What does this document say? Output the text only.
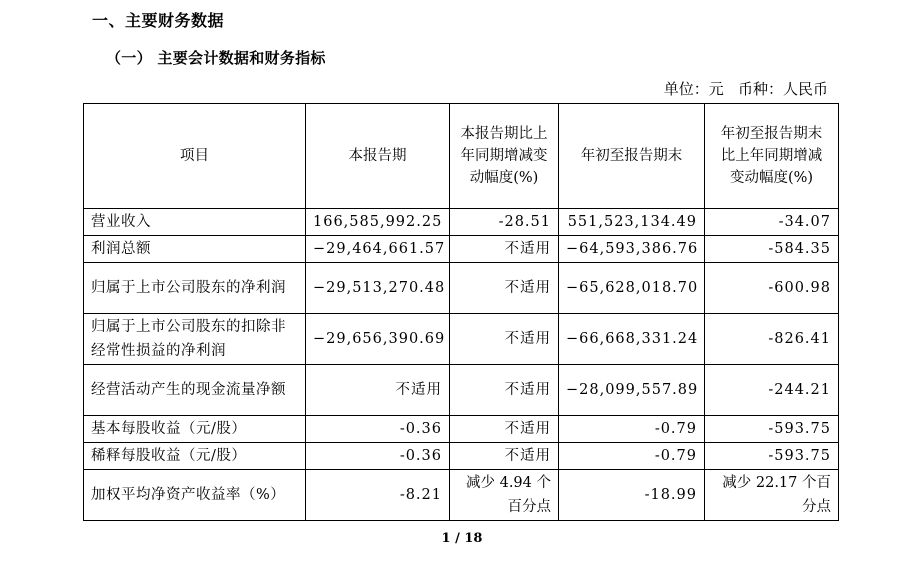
一、主要财务数据
（一） 主要会计数据和财务指标
单位：元   币种：人民币
项目	本报告期	本报告期比上年同期增减变动幅度(%)	年初至报告期末	年初至报告期末比上年同期增减变动幅度(%)
营业收入	166,585,992.25	-28.51	551,523,134.49	-34.07
利润总额	−29,464,661.57	不适用	−64,593,386.76	-584.35
归属于上市公司股东的净利润	−29,513,270.48	不适用	−65,628,018.70	-600.98
归属于上市公司股东的扣除非经常性损益的净利润	−29,656,390.69	不适用	−66,668,331.24	-826.41
经营活动产生的现金流量净额	不适用	不适用	−28,099,557.89	-244.21
基本每股收益（元/股）	-0.36	不适用	-0.79	-593.75
稀释每股收益（元/股）	-0.36	不适用	-0.79	-593.75
加权平均净资产收益率（%）	-8.21	减少 4.94 个百分点	-18.99	减少 22.17 个百分点
1 / 18
